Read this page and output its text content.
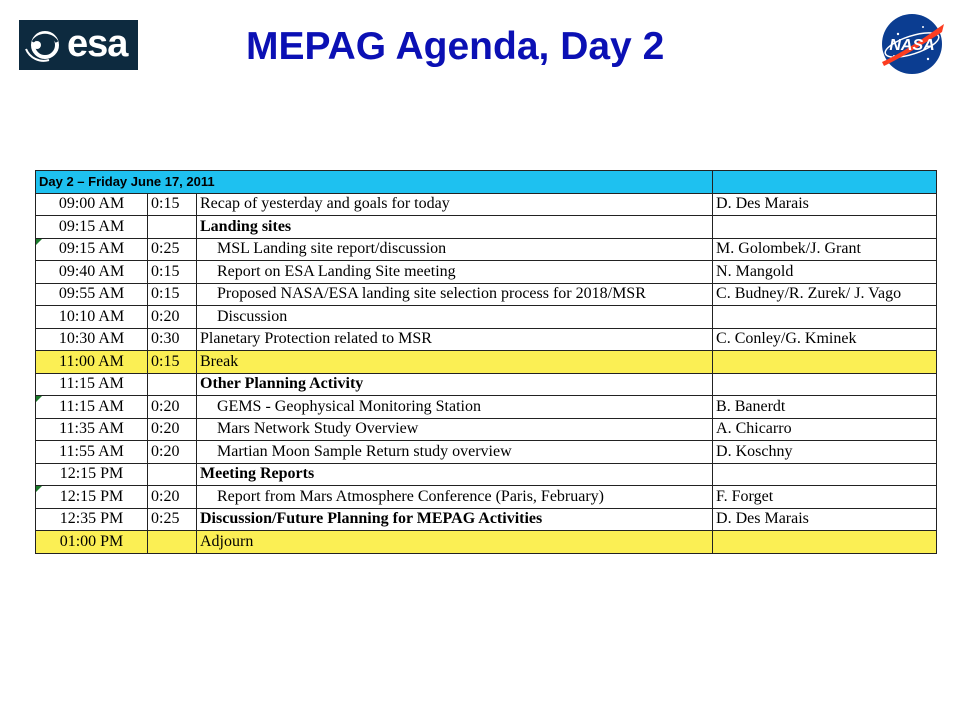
esa	MEPAG Agenda, Day 2	NASA
Day 2 – Friday June 17, 2011			
09:00 AM	0:15	Recap of yesterday and goals for today	D. Des Marais
09:15 AM		Landing sites	

09:15 AM	0:25	MSL Landing site report/discussion	M. Golombek/J. Grant
09:40 AM	0:15	Report on ESA Landing Site meeting	N. Mangold
09:55 AM	0:15	Proposed NASA/ESA landing site selection process for 2018/MSR	C. Budney/R. Zurek/ J. Vago
10:10 AM	0:20	Discussion	
10:30 AM	0:30	Planetary Protection related to MSR	C. Conley/G. Kminek
11:00 AM	0:15	Break	
11:15 AM		Other Planning Activity	

11:15 AM	0:20	GEMS - Geophysical Monitoring Station	B. Banerdt
11:35 AM	0:20	Mars Network Study Overview	A. Chicarro
11:55 AM	0:20	Martian Moon Sample Return study overview	D. Koschny
12:15 PM		Meeting Reports	

12:15 PM	0:20	Report from Mars Atmosphere Conference (Paris, February)	F. Forget
12:35 PM	0:25	Discussion/Future Planning for MEPAG Activities	D. Des Marais
01:00 PM		Adjourn	
